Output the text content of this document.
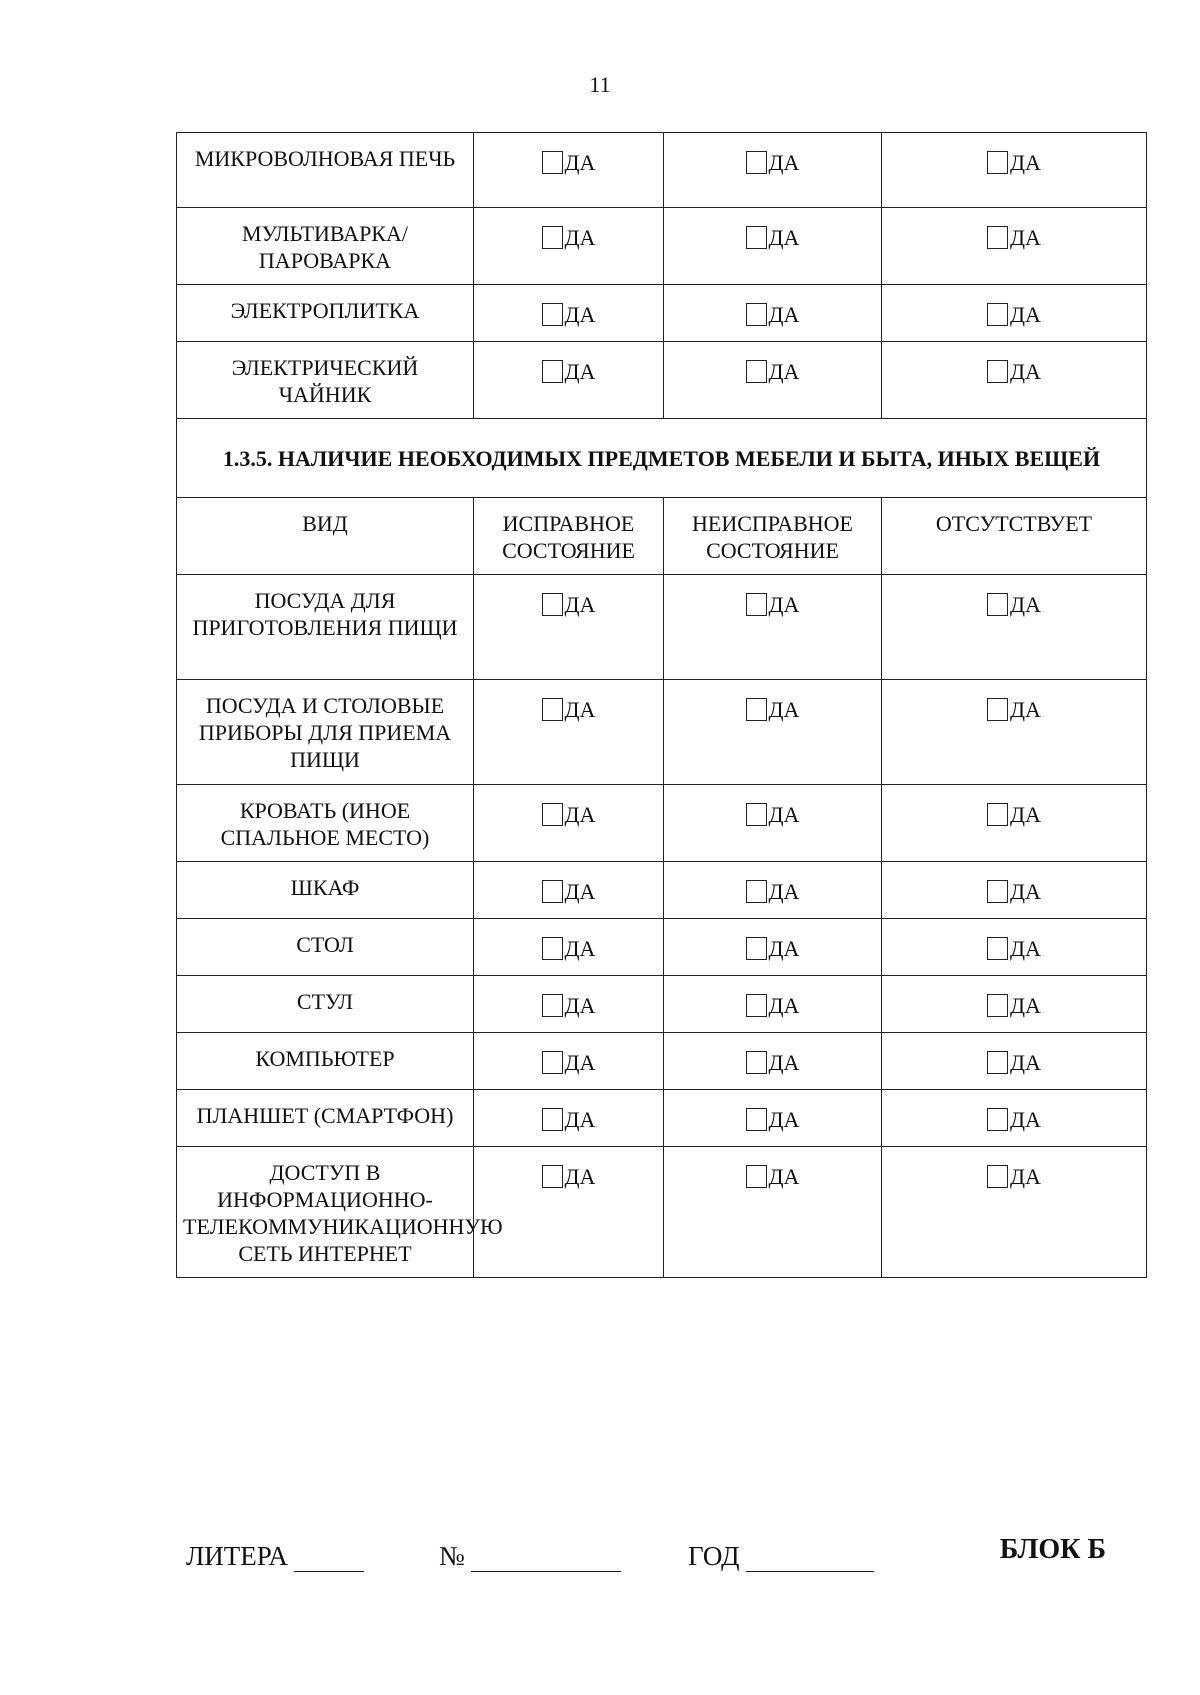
11
МИКРОВОЛНОВАЯ ПЕЧЬ	ДА	ДА	ДА
МУЛЬТИВАРКА/ПАРОВАРКА	ДА	ДА	ДА
ЭЛЕКТРОПЛИТКА	ДА	ДА	ДА
ЭЛЕКТРИЧЕСКИЙ ЧАЙНИК	ДА	ДА	ДА
1.3.5. НАЛИЧИЕ НЕОБХОДИМЫХ ПРЕДМЕТОВ МЕБЕЛИ И БЫТА, ИНЫХ ВЕЩЕЙ			
ВИД	ИСПРАВНОЕ СОСТОЯНИЕ	НЕИСПРАВНОЕ СОСТОЯНИЕ	ОТСУТСТВУЕТ
ПОСУДА ДЛЯ ПРИГОТОВЛЕНИЯ ПИЩИ	ДА	ДА	ДА
ПОСУДА И СТОЛОВЫЕ ПРИБОРЫ ДЛЯ ПРИЕМА ПИЩИ	ДА	ДА	ДА
КРОВАТЬ (ИНОЕ СПАЛЬНОЕ МЕСТО)	ДА	ДА	ДА
ШКАФ	ДА	ДА	ДА
СТОЛ	ДА	ДА	ДА
СТУЛ	ДА	ДА	ДА
КОМПЬЮТЕР	ДА	ДА	ДА
ПЛАНШЕТ (СМАРТФОН)	ДА	ДА	ДА
ДОСТУП В ИНФОРМАЦИОННО-ТЕЛЕКОММУНИКАЦИОННУЮ СЕТЬ ИНТЕРНЕТ	ДА	ДА	ДА
ЛИТЕРА	№	ГОД	БЛОК Б
